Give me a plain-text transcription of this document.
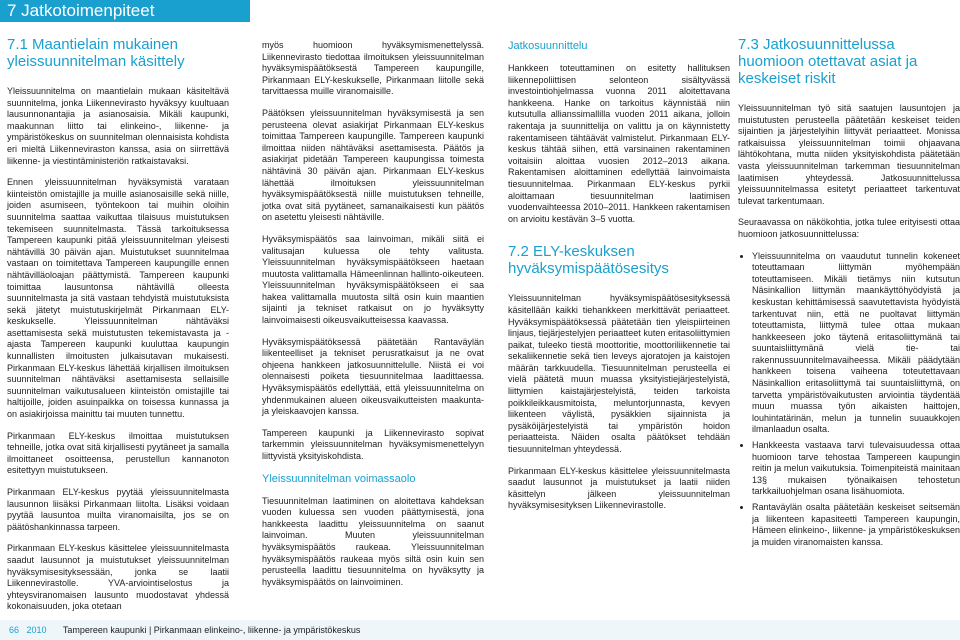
7 Jatkotoimenpiteet
7.1 Maantielain mukainen yleissuunnitelman käsittely

Yleissuunnitelma on maantielain mukaan käsiteltävä suunnitelma, jonka Liikennevirasto hyväksyy kuultuaan lausunnonantajia ja asianosaisia. Mikäli kaupunki, maakunnan liitto tai elinkeino-, liikenne- ja ympäristökeskus on suunnitelman olennaisista kohdista eri mieltä Liikenneviraston kanssa, asia on siirrettävä liikenne- ja viestintäministeriön ratkaistavaksi.

Ennen yleissuunnitelman hyväksymistä varataan kiinteistön omistajille ja muille asianosaisille sekä niille, joiden asumiseen, työntekoon tai muihin oloihin suunnitelma saattaa vaikuttaa tilaisuus muistutuksen tekemiseen suunnitelmasta. Tässä tarkoituksessa Tampereen kaupunki pitää yleissuunnitelman yleisesti nähtävillä 30 päivän ajan. Muistutukset suunnitelmaa vastaan on toimitettava Tampereen kaupungille ennen nähtävilläoloajan päättymistä. Tampereen kaupunki toimittaa lausuntonsa nähtävillä olleesta suunnitelmasta ja sitä vastaan tehdyistä muistutuksista sekä jätetyt muistutuskirjelmät Pirkanmaan ELY-keskukselle. Yleissuunnitelman nähtäväksi asettamisesta sekä muistutusten tekemistavasta ja -ajasta Tampereen kaupunki kuuluttaa kaupungin kunnallisten ilmoitusten julkaisutavan mukaisesti. Pirkanmaan ELY-keskus lähettää kirjallisen ilmoituksen suunnitelman nähtäväksi asettamisesta sellaisille suunnitelman vaikutusalueen kiinteistön omistajille tai haltijoille, joiden asuinpaikka on toisessa kunnassa ja on asiakirjoissa mainittu tai muuten tunnettu.

Pirkanmaan ELY-keskus ilmoittaa muistutuksen tehneille, jotka ovat sitä kirjallisesti pyytäneet ja samalla ilmoittaneet osoitteensa, perustellun kannanoton esitettyyn muistutukseen.

Pirkanmaan ELY-keskus pyytää yleissuunnitelmasta lausunnon liisäksi Pirkanmaan liitolta. Lisäksi voidaan pyytää lausuntoa muilta viranomaisilta, jos se on päätöshankinnassa tarpeen.

Pirkanmaan ELY-keskus käsittelee yleissuunnitelmasta saadut lausunnot ja muistutukset yleissuunnitelman hyväksymisesityksessään, jonka se laatii Liikennevirastolle. YVA-arviointiselostus ja yhteysviranomaisen lausunto muodostavat yhdessä kokonaisuuden, joka otetaan

myös huomioon hyväksymismenettelyssä. Liikennevirasto tiedottaa ilmoituksen yleissuunnitelman hyväksymispäätöksestä Tampereen kaupungille, Pirkanmaan ELY-keskukselle, Pirkanmaan liitolle sekä tarvittaessa muille viranomaisille.

Päätöksen yleissuunnitelman hyväksymisestä ja sen perusteena olevat asiakirjat Pirkanmaan ELY-keskus toimittaa Tampereen kaupungille. Tampereen kaupunki ilmoittaa niiden nähtäväksi asettamisesta. Päätös ja asiakirjat pidetään Tampereen kaupungissa toimesta nähtävinä 30 päivän ajan. Pirkanmaan ELY-keskus lähettää ilmoituksen yleissuunnitelman hyväksymispäätöksestä niille muistutuksen tehneille, jotka ovat sitä pyytäneet, samanaikaisesti kun päätös on asetettu yleisesti nähtäville.

Hyväksymispäätös saa lainvoiman, mikäli siitä ei valitusajan kuluessa ole tehty valitusta. Yleissuunnitelman hyväksymispäätökseen haetaan muutosta valittamalla Hämeenlinnan hallinto-oikeuteen. Yleissuunnitelman hyväksymispäätökseen ei saa hakea valittamalla muutosta siltä osin kuin maantien sijainti ja tekniset ratkaisut on jo hyväksytty lainvoimaisesti oikeusvaikutteisessa kaavassa.

Hyväksymispäätöksessä päätetään Rantaväylän liikenteelliset ja tekniset perusratkaisut ja ne ovat ohjeena hankkeen jatkosuunnittelulle. Niistä ei voi olennaisesti poiketa tiesuunnitelmaa laadittaessa. Hyväksymispäätös edellyttää, että yleissuunnitelma on yhdenmukainen alueen oikeusvaikutteisten maakunta- ja yleiskaavojen kanssa.

Tampereen kaupunki ja Liikennevirasto sopivat tarkemmin yleissuunnitelman hyväksymismenettelyyn liittyvistä yksityiskohdista.

Yleissuunnitelman voimassaolo

Tiesuunnitelman laatiminen on aloitettava kahdeksan vuoden kuluessa sen vuoden päättymisestä, jona hankkeesta laadittu yleissuunnitelma on saanut lainvoiman. Muuten yleissuunnitelman hyväksymispäätös raukeaa. Yleissuunnitelman hyväksymispäätös raukeaa myös siltä osin kuin sen perusteella laadittu tiesuunnitelma on hyväksytty ja hyväksymispäätös on lainvoiminen.

Jatkosuunnittelu

Hankkeen toteuttaminen on esitetty hallituksen liikennepoliittisen selonteon sisältyvässä investointiohjelmassa vuonna 2011 aloitettavana hankkeena. Hanke on tarkoitus käynnistää niin kutsutulla allianssimallilla vuoden 2011 aikana, jolloin rakentaja ja suunnittelija on valittu ja on käynnistetty rakentamiseen tähtäävät valmistelut. Pirkanmaan ELY-keskus tähtää siihen, että varsinainen rakentaminen voitaisiin aloittaa vuosien 2012–2013 aikana. Rakentamisen aloittaminen edellyttää lainvoimaista tiesuunnitelmaa. Pirkanmaan ELY-keskus pyrkii aloittamaan tiesuunnitelman laatimisen vuodenvaihteessa 2010–2011. Hankkeen rakentamisen on arvioitu kestävän 3–5 vuotta.

7.2 ELY-keskuksen hyväksymispäätösesitys

Yleissuunnitelman hyväksymispäätösesityksessä käsitellään kaikki tiehankkeen merkittävät periaatteet. Hyväksymispäätöksessä päätetään tien yleispiirteinen linjaus, tiejärjestelyjen periaatteet kuten eritasoliittymien paikat, tuleeko tiestä moottoritie, moottoriliikennetie tai sekaliikennetie sekä tien leveys ajoratojen ja kaistojen määrän tarkkuudella. Tiesuunnitelman perusteella ei vielä päätetä muun muassa yksityistiejärjestelyistä, liittymien kaistajärjestelyistä, teiden tarkoista poikkileikkausmitoista, meluntorjunnasta, kevyen liikenteen väylistä, pysäkkien sijainnista ja pysäköijärjestelyistä tai ympäristön hoidon periaatteista. Näiden osalta päätökset tehdään tiesuunnitelman yhteydessä.

Pirkanmaan ELY-keskus käsittelee yleissuunnitelmasta saadut lausunnot ja muistutukset ja laatii niiden käsittelyn jälkeen yleissuunnitelman hyväksymisesityksen Liikennevirastolle.

7.3 Jatkosuunnittelussa huomioon otettavat asiat ja keskeiset riskit

Yleissuunnitelman työ sitä saatujen lausuntojen ja muistutusten perusteella päätetään keskeiset teiden sijaintien ja järjestelyihin liittyvät periaatteet. Monissa ratkaisuissa yleissuunnitelman toimii ohjaavana lähtökohtana, mutta niiden yksityiskohdista päätetään vasta yleissuunnitelman tarkemman tiesuunnitelman laatimisen yhteydessä. Jatkosuunnittelussa yleissuunnitelmassa esitetyt periaatteet tarkentuvat tulevat tarkentumaan.

Seuraavassa on näkökohtia, jotka tulee erityisesti ottaa huomioon jatkosuunnittelussa:

• Yleissuunnitelma on vaaudutut tunnelin kokeneet toteuttamaan liittymän myöhempään toteuttamiseen. Mikäli tietämys niin kutsutun Näsinkallion liittymän maankäyttöhyödyistä ja keskustan kehittämisessä saavutettavista hyödyistä tarkentuvat niin, että ne puoltavat liittymän toteuttamista, liittymä tulee ottaa mukaan hankkeeseen joko täytenä eritasoliittymänä tai suuntaisliittymänä vielä tie- tai rakennussuunnitelmavaiheessa. Mikäli päädytään hankkeen toisena vaiheena toteutettavaan Näsinkallion eritasoliittymä tai suuntaisliittymä, on tarvetta ympäristövaikutusten arviointia täydentää muun muassa työn aikaisten haittojen, louhintatärinän, melun ja tunnelin suuaukkojen ilmanlaadun osalta.
• Hankkeesta vastaava tarvi tulevaisuudessa ottaa huomioon tarve tehostaa Tampereen kaupungin reitin ja melun vaikutuksia. Toimenpiteistä mainitaan 13§ mukaisen työnaikaisen tehostetun tarkkailuohjelman osana lisähuomiota.
• Rantaväylän osalta päätetään keskeiset seitsemän ja liikenteen kapasiteetti Tampereen kaupungin, Hämeen elinkeino-, liikenne- ja ympäristökeskuksen ja muiden viranomaisten kanssa.
66 2010 Tampereen kaupunki | Pirkanmaan elinkeino-, liikenne- ja ympäristökeskus
